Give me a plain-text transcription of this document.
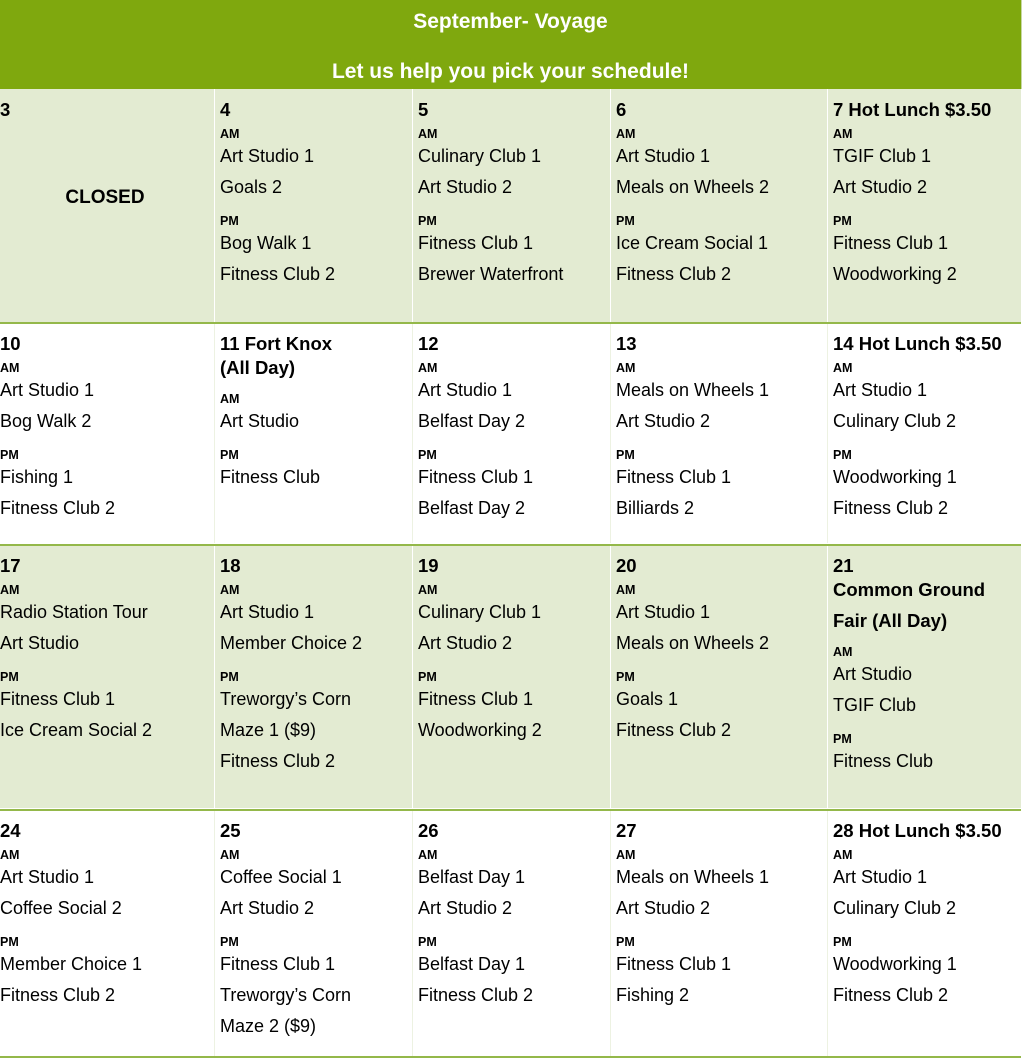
September- Voyage
Let us help you pick your schedule!
3
CLOSED
4
AM
Art Studio 1
Goals 2
PM
Bog Walk 1
Fitness Club 2
5
AM
Culinary Club 1
Art Studio 2
PM
Fitness Club 1
Brewer Waterfront
6
AM
Art Studio 1
Meals on Wheels 2
PM
Ice Cream Social 1
Fitness Club 2
7 Hot Lunch $3.50
AM
TGIF Club 1
Art Studio 2
PM
Fitness Club 1
Woodworking 2
10
AM
Art Studio 1
Bog Walk 2
PM
Fishing 1
Fitness Club 2
11 Fort Knox
(All Day)
AM
Art Studio
PM
Fitness Club
12
AM
Art Studio 1
Belfast Day 2
PM
Fitness Club 1
Belfast Day 2
13
AM
Meals on Wheels 1
Art Studio 2
PM
Fitness Club 1
Billiards 2
14 Hot Lunch $3.50
AM
Art Studio 1
Culinary Club 2
PM
Woodworking 1
Fitness Club 2
17
AM
Radio Station Tour
Art Studio
PM
Fitness Club 1
Ice Cream Social 2
18
AM
Art Studio 1
Member Choice 2
PM
Treworgy’s Corn
Maze 1 ($9)
Fitness Club 2
19
AM
Culinary Club 1
Art Studio 2
PM
Fitness Club 1
Woodworking 2
20
AM
Art Studio 1
Meals on Wheels 2
PM
Goals 1
Fitness Club 2
21
Common Ground
Fair (All Day)
AM
Art Studio
TGIF Club
PM
Fitness Club
24
AM
Art Studio 1
Coffee Social 2
PM
Member Choice 1
Fitness Club 2
25
AM
Coffee Social 1
Art Studio 2
PM
Fitness Club 1
Treworgy’s Corn
Maze 2 ($9)
26
AM
Belfast Day 1
Art Studio 2
PM
Belfast Day 1
Fitness Club 2
27
AM
Meals on Wheels 1
Art Studio 2
PM
Fitness Club 1
Fishing 2
28 Hot Lunch $3.50
AM
Art Studio 1
Culinary Club 2
PM
Woodworking 1
Fitness Club 2
